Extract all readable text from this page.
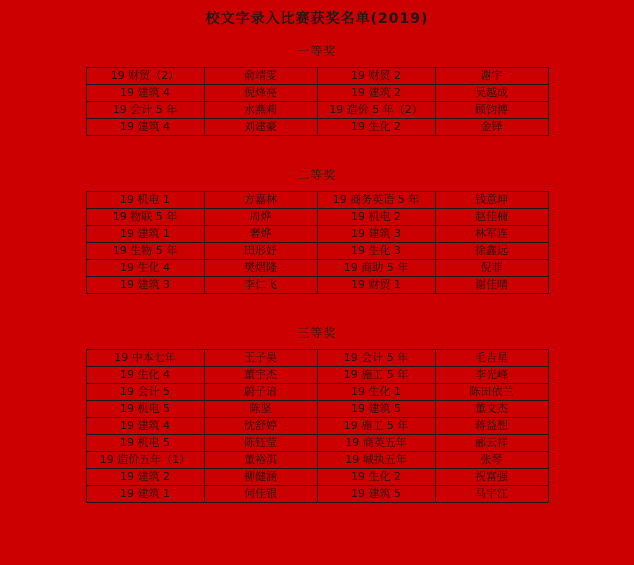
校文字录入比赛获奖名单(2019)
一等奖
19 财贸（2）	俞靖雯	19 财贸 2	谢宇
19 建筑 4	倪烽亮	19 建筑 2	吴越成
19 会计 5 年	水燕莉	19 造价 5 年（2）	顾钧博
19 建筑 4	刘建豪	19 生化 2	金铎
二等奖
19 机电 1	方嘉林	19 商务英语 5 年	钱意坤
19 物联 5 年	周烨	19 机电 2	赵佳楠
19 建筑 1	奢烨	19 建筑 3	林军连
19 生物 5 年	田形妤	19 生化 3	徐鑫远
19 生化 4	樊熠隆	19 商助 5 年	倪菲
19 建筑 3	李仁飞	19 财贸 1	谢佳晴
三等奖
19 中本七年	王子昊	19 会计 5 年	毛吉星
19 生化 4	董宇杰	19 施工 5 年	李光峰
19 会计 5	蔚子谙	19 生化 1	陈田依兰
19 机电 5	陈坚	19 建筑 5	董文杰
19 建筑 4	沈舒婷	19 施工 5 年	蒋益想
19 机电 5	陈钰莹	19 商英五年	郦云祥
19 造价五年（1）	董裕淇	19 城执五年	张琴
19 建筑 2	柳健涵	19 生化 2	祝富强
19 建筑 1	何佳银	19 建筑 5	马宇江
